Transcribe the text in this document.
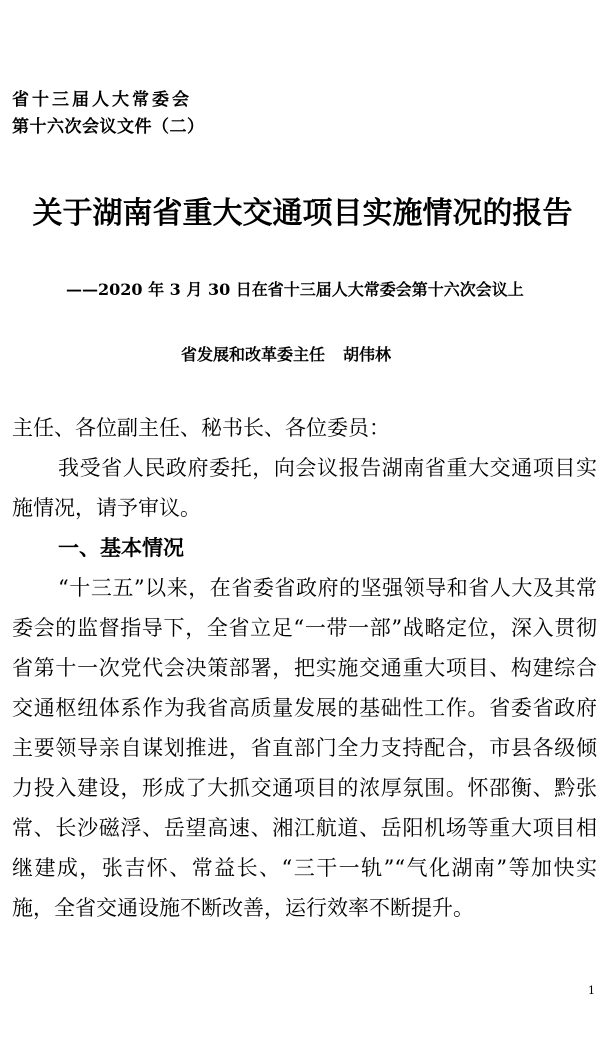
省十三届人大常委会
第十六次会议文件（二）
关于湖南省重大交通项目实施情况的报告
——2020 年 3 月 30 日在省十三届人大常委会第十六次会议上
省发展和改革委主任 胡伟林
主任、各位副主任、秘书长、各位委员：
我受省人民政府委托，向会议报告湖南省重大交通项目实施情况，请予审议。
一、基本情况
“十三五”以来，在省委省政府的坚强领导和省人大及其常委会的监督指导下，全省立足“一带一部”战略定位，深入贯彻省第十一次党代会决策部署，把实施交通重大项目、构建综合交通枢纽体系作为我省高质量发展的基础性工作。省委省政府主要领导亲自谋划推进，省直部门全力支持配合，市县各级倾力投入建设，形成了大抓交通项目的浓厚氛围。怀邵衡、黔张常、长沙磁浮、岳望高速、湘江航道、岳阳机场等重大项目相继建成，张吉怀、常益长、“三干一轨”“气化湖南”等加快实施，全省交通设施不断改善，运行效率不断提升。
1
